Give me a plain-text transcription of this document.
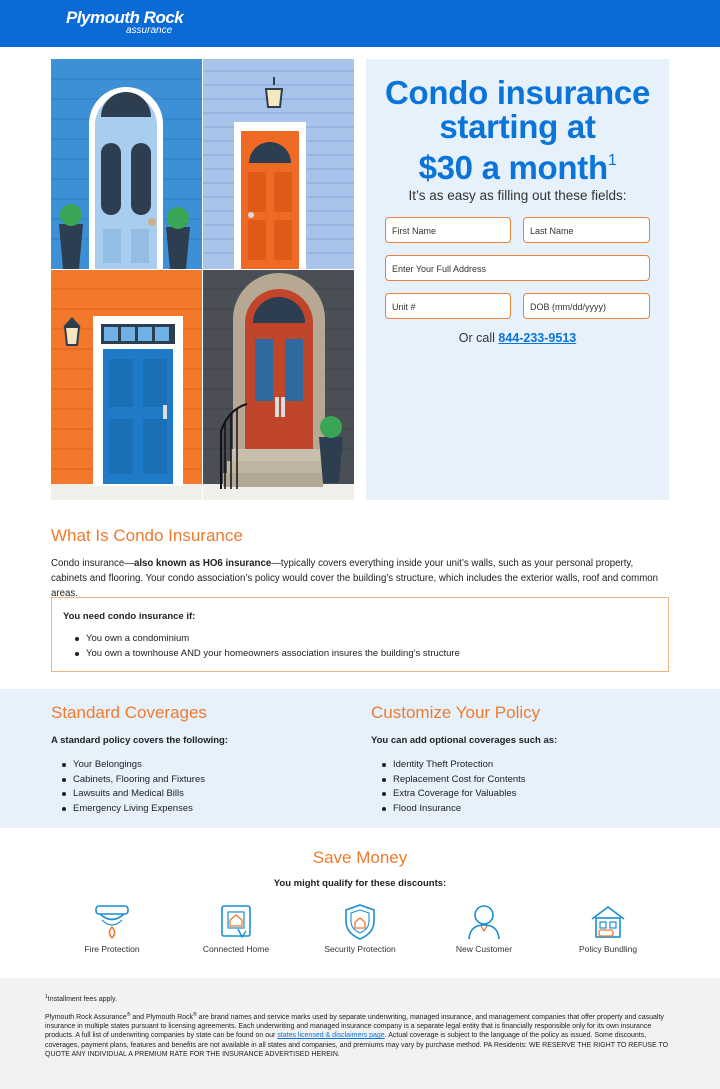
Plymouth Rock
assurance
Condo insurance
starting at
$30 a month$^1$
It’s as easy as filling out these fields:
First Name	Last Name
Enter Your Full Address
Unit #	DOB (mm/dd/yyyy)
Or call 844-233-9513
What Is Condo Insurance
Condo insurance—also known as HO6 insurance—typically covers everything inside your unit’s walls, such as your personal property, cabinets and flooring. Your condo association’s policy would cover the building’s structure, which includes the exterior walls, roof and common areas.
You need condo insurance if:
You own a condominium
You own a townhouse AND your homeowners association insures the building’s structure
Standard Coverages
A standard policy covers the following:
Your Belongings
Cabinets, Flooring and Fixtures
Lawsuits and Medical Bills
Emergency Living Expenses
Customize Your Policy
You can add optional coverages such as:
Identity Theft Protection
Replacement Cost for Contents
Extra Coverage for Valuables
Flood Insurance
Save Money
You might qualify for these discounts:
Fire Protection	Connected Home	Security Protection	New Customer	Policy Bundling
$^1$Installment fees apply.
Plymouth Rock Assurance® and Plymouth Rock® are brand names and service marks used by separate underwriting, managed insurance, and management companies that offer property and casualty insurance in multiple states pursuant to licensing agreements. Each underwriting and managed insurance company is a separate legal entity that is financially responsible only for its own insurance products. A full list of underwriting companies by state can be found on our states licensed & disclaimers page. Actual coverage is subject to the language of the policy as issued. Some discounts, coverages, payment plans, features and benefits are not available in all states and companies, and premiums may vary by purchase method. PA Residents: WE RESERVE THE RIGHT TO REFUSE TO QUOTE ANY INDIVIDUAL A PREMIUM RATE FOR THE INSURANCE ADVERTISED HEREIN.
